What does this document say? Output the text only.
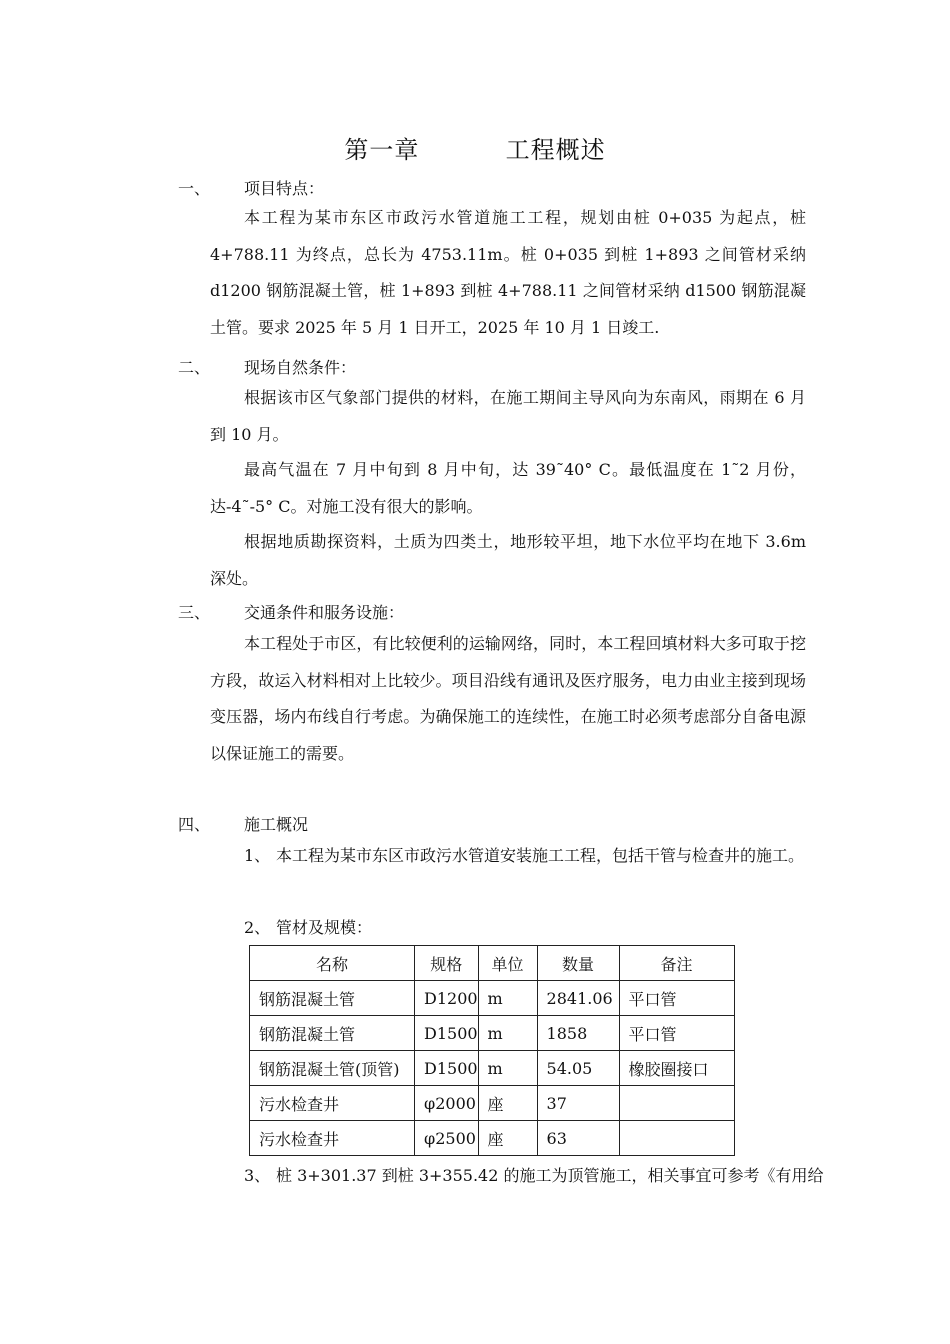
第一章          工程概述
一、 项目特点：

本工程为某市东区市政污水管道施工工程，规划由桩 0+035 为起点，桩4+788.11 为终点，总长为 4753.11m。桩 0+035 到桩 1+893 之间管材采纳 d1200 钢筋混凝土管，桩 1+893 到桩 4+788.11 之间管材采纳 d1500 钢筋混凝土管。要求 2025 年 5 月 1 日开工，2025 年 10 月 1 日竣工.

二、 现场自然条件：

根据该市区气象部门提供的材料，在施工期间主导风向为东南风，雨期在 6 月到 10 月。

最高气温在 7 月中旬到 8 月中旬，达 39˜40° C。最低温度在 1˜2 月份，达-4˜-5° C。对施工没有很大的影响。

根据地质勘探资料，土质为四类土，地形较平坦，地下水位平均在地下 3.6m 深处。

三、 交通条件和服务设施：

本工程处于市区，有比较便利的运输网络，同时，本工程回填材料大多可取于挖方段，故运入材料相对上比较少。项目沿线有通讯及医疗服务，电力由业主接到现场变压器，场内布线自行考虑。为确保施工的连续性，在施工时必须考虑部分自备电源以保证施工的需要。

四、 施工概况

1、 本工程为某市东区市政污水管道安装施工工程，包括干管与检查井的施工。

2、 管材及规模：

名称	规格	单位	数量	备注
钢筋混凝土管	D1200	m	2841.06	平口管
钢筋混凝土管	D1500	m	1858	平口管
钢筋混凝土管(顶管)	D1500	m	54.05	橡胶圈接口
污水检查井	φ2000	座	37	
污水检查井	φ2500	座	63	

3、 桩 3+301.37 到桩 3+355.42 的施工为顶管施工，相关事宜可参考《有用给
